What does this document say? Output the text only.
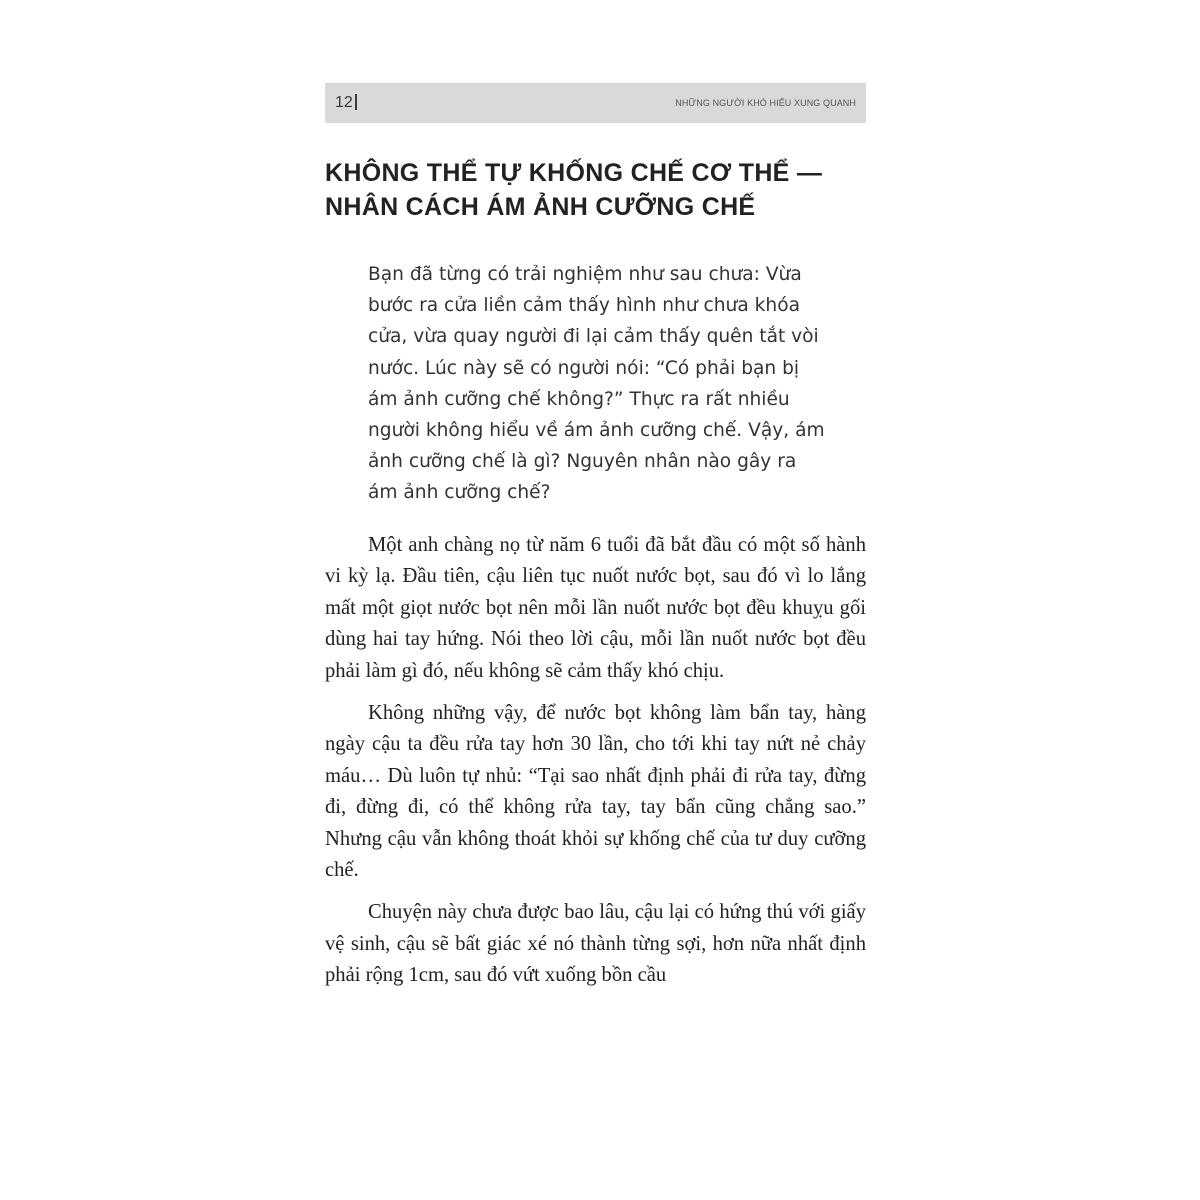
12	NHỮNG NGƯỜI KHÓ HIỂU XUNG QUANH
KHÔNG THỂ TỰ KHỐNG CHẾ CƠ THỂ — NHÂN CÁCH ÁM ẢNH CƯỠNG CHẾ

Bạn đã từng có trải nghiệm như sau chưa: Vừa bước ra cửa liền cảm thấy hình như chưa khóa cửa, vừa quay người đi lại cảm thấy quên tắt vòi nước. Lúc này sẽ có người nói: “Có phải bạn bị ám ảnh cưỡng chế không?” Thực ra rất nhiều người không hiểu về ám ảnh cưỡng chế. Vậy, ám ảnh cưỡng chế là gì? Nguyên nhân nào gây ra ám ảnh cưỡng chế?

Một anh chàng nọ từ năm 6 tuổi đã bắt đầu có một số hành vi kỳ lạ. Đầu tiên, cậu liên tục nuốt nước bọt, sau đó vì lo lắng mất một giọt nước bọt nên mỗi lần nuốt nước bọt đều khuỵu gối dùng hai tay hứng. Nói theo lời cậu, mỗi lần nuốt nước bọt đều phải làm gì đó, nếu không sẽ cảm thấy khó chịu.

Không những vậy, để nước bọt không làm bẩn tay, hàng ngày cậu ta đều rửa tay hơn 30 lần, cho tới khi tay nứt nẻ chảy máu… Dù luôn tự nhủ: “Tại sao nhất định phải đi rửa tay, đừng đi, đừng đi, có thể không rửa tay, tay bẩn cũng chẳng sao.” Nhưng cậu vẫn không thoát khỏi sự khống chế của tư duy cưỡng chế.

Chuyện này chưa được bao lâu, cậu lại có hứng thú với giấy vệ sinh, cậu sẽ bất giác xé nó thành từng sợi, hơn nữa nhất định phải rộng 1cm, sau đó vứt xuống bồn cầu
